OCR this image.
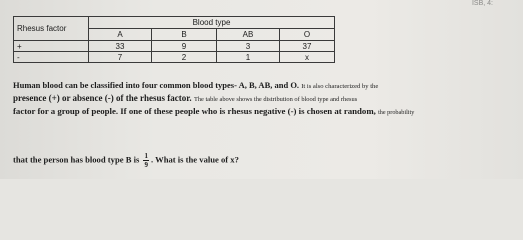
ISB, 4:
Rhesus factor	Blood type			
	A	B	AB	O
+	33	9	3	37
-	7	2	1	x
Human blood can be classified into four common blood types- A, B, AB, and O. It is also characterized by the
presence (+) or absence (-) of the rhesus factor. The table above shows the distribution of blood type and rhesus
factor for a group of people. If one of these people who is rhesus negative (-) is chosen at random, the probability
that the person has blood type B is $\frac{1}{9}$ . What is the value of x?
